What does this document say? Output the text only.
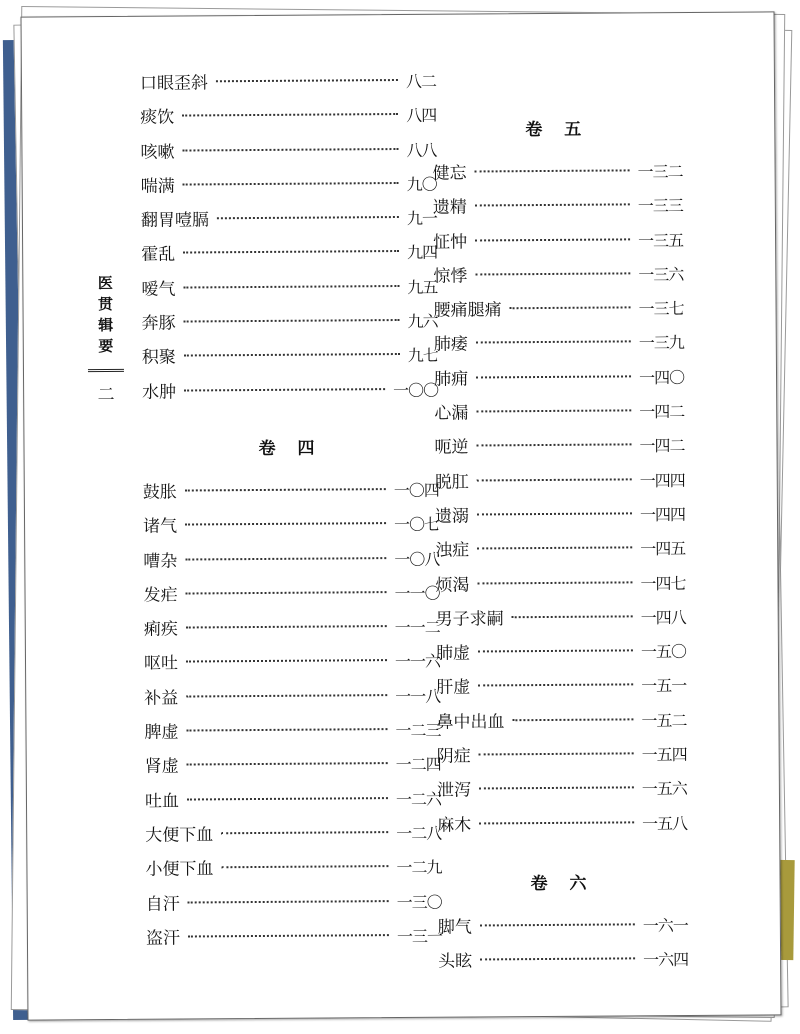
医贯辑要
二
口眼歪斜	八二
痰饮	八四
咳嗽	八八
喘满	九〇
翻胃噎膈	九一
霍乱	九四
嗳气	九五
奔豚	九六
积聚	九七
水肿	一〇〇
卷 四
鼓胀	一〇四
诸气	一〇七
嘈杂	一〇八
发疟	一一〇
痢疾	一一二
呕吐	一一六
补益	一一八
脾虚	一二三
肾虚	一二四
吐血	一二六
大便下血	一二八
小便下血	一二九
自汗	一三〇
盗汗	一三一
卷 五
健忘	一三二
遗精	一三三
怔忡	一三五
惊悸	一三六
腰痛腿痛	一三七
肺痿	一三九
肺痈	一四〇
心漏	一四二
呃逆	一四二
脱肛	一四四
遗溺	一四四
浊症	一四五
烦渴	一四七
男子求嗣	一四八
肺虚	一五〇
肝虚	一五一
鼻中出血	一五二
阴症	一五四
泄泻	一五六
麻木	一五八
卷 六
脚气	一六一
头眩	一六四
